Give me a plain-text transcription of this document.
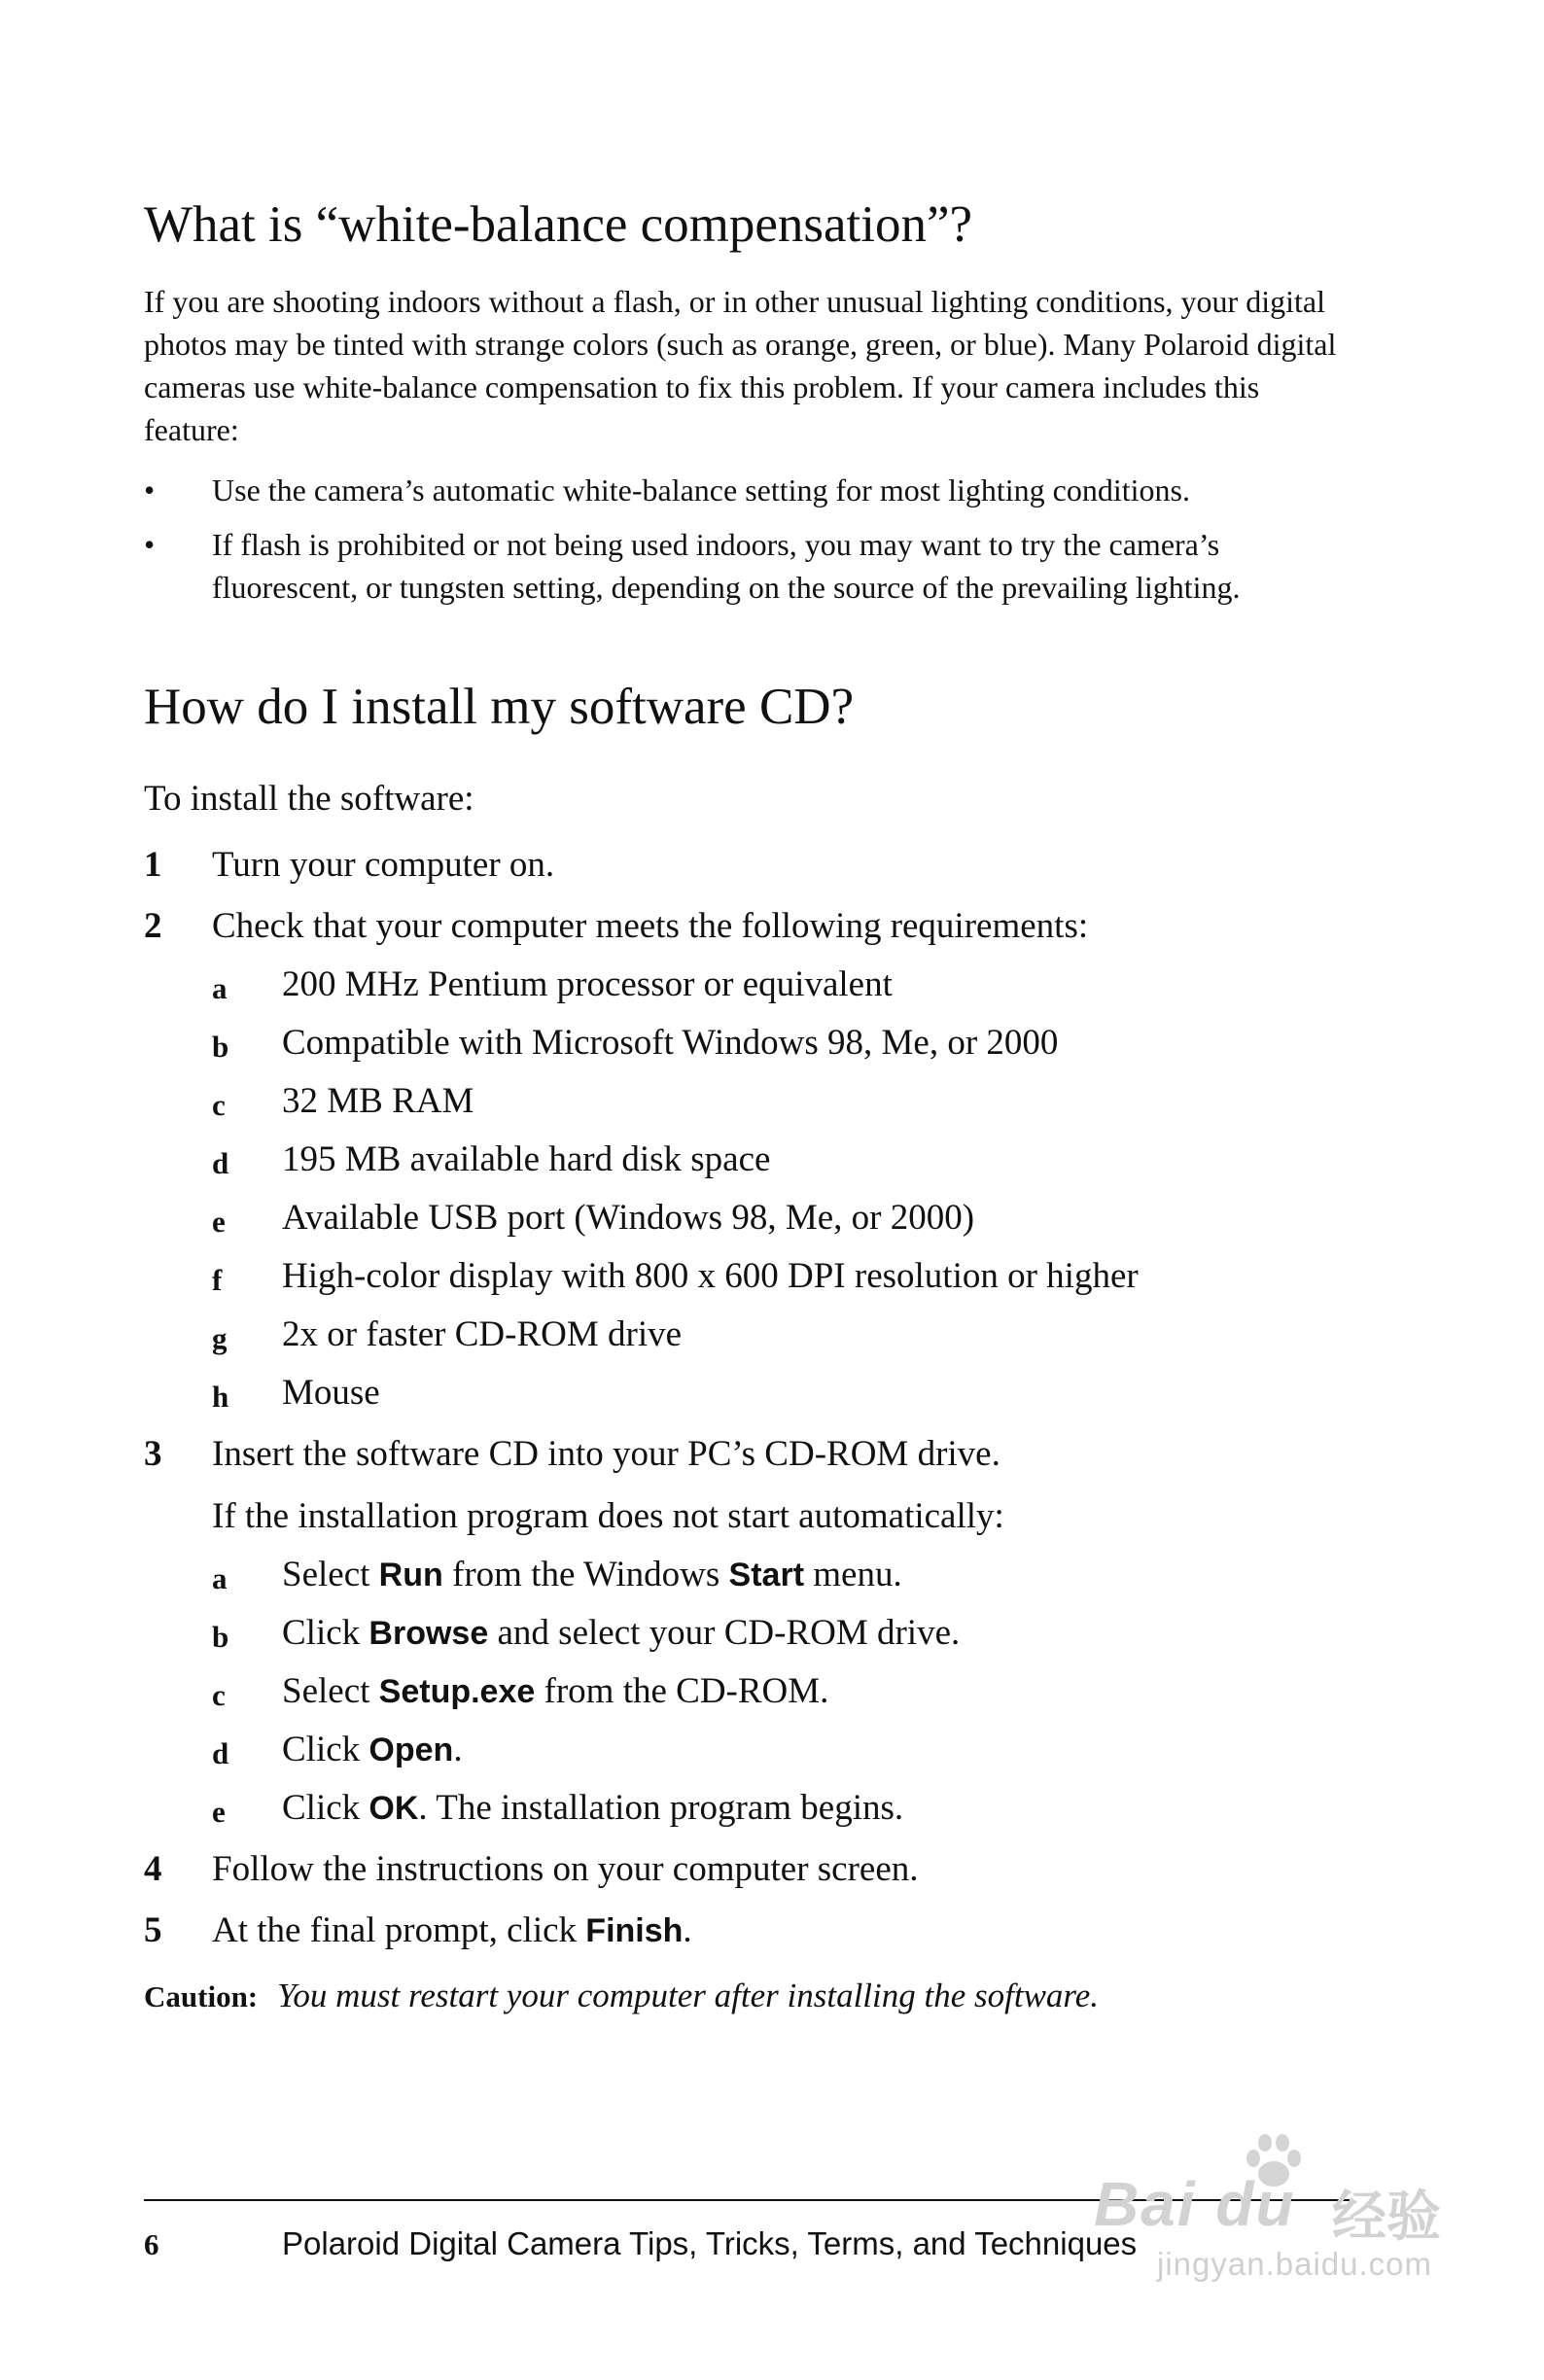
What is “white-balance compensation”?

If you are shooting indoors without a flash, or in other unusual lighting conditions, your digital photos may be tinted with strange colors (such as orange, green, or blue). Many Polaroid digital cameras use white-balance compensation to fix this problem. If your camera includes this feature:

• Use the camera’s automatic white-balance setting for most lighting conditions.
• If flash is prohibited or not being used indoors, you may want to try the camera’s fluorescent, or tungsten setting, depending on the source of the prevailing lighting.
How do I install my software CD?

To install the software:

1 Turn your computer on.
2 Check that your computer meets the following requirements:
a 200 MHz Pentium processor or equivalent
b Compatible with Microsoft Windows 98, Me, or 2000
c 32 MB RAM
d 195 MB available hard disk space
e Available USB port (Windows 98, Me, or 2000)
f High-color display with 800 x 600 DPI resolution or higher
g 2x or faster CD-ROM drive
h Mouse
3 Insert the software CD into your PC’s CD-ROM drive.
If the installation program does not start automatically:
a Select Run from the Windows Start menu.
b Click Browse and select your CD-ROM drive.
c Select Setup.exe from the CD-ROM.
d Click Open.
e Click OK. The installation program begins.
4 Follow the instructions on your computer screen.
5 At the final prompt, click Finish.
Caution: You must restart your computer after installing the software.
6	Polaroid Digital Camera Tips, Tricks, Terms, and Techniques
Bai du 经验
jingyan.baidu.com
